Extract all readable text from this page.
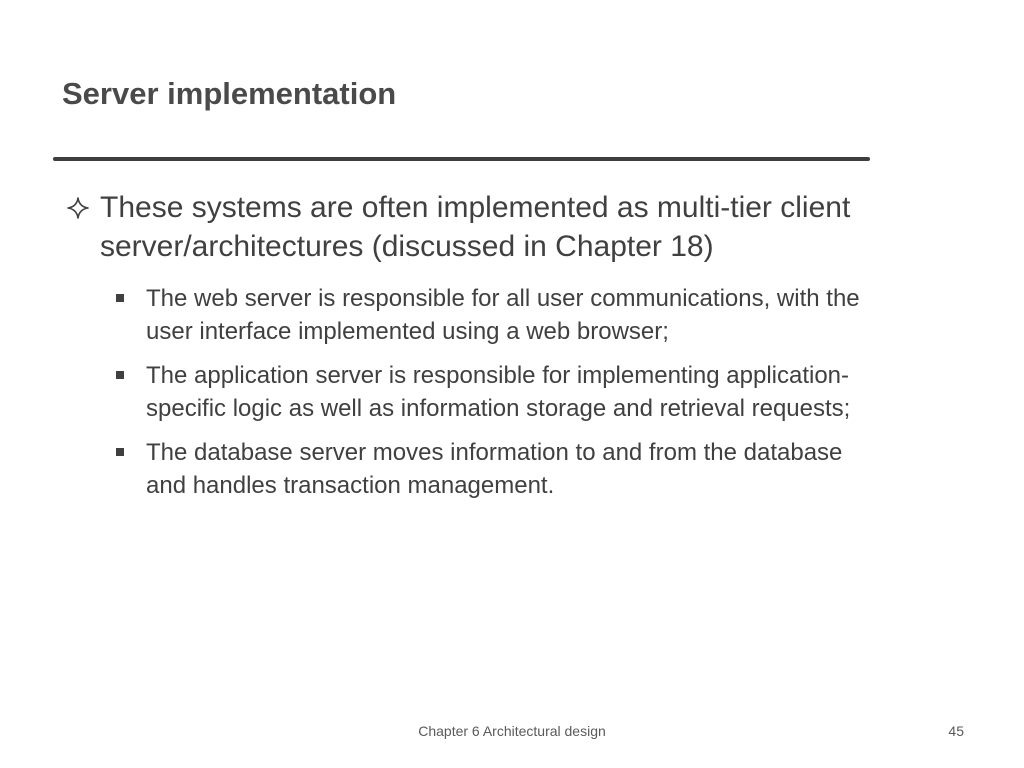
Server implementation

These systems are often implemented as multi-tier client server/architectures (discussed in Chapter 18)

The web server is responsible for all user communications, with the user interface implemented using a web browser;
The application server is responsible for implementing application-specific logic as well as information storage and retrieval requests;
The database server moves information to and from the database and handles transaction management.
Chapter 6 Architectural design	45
